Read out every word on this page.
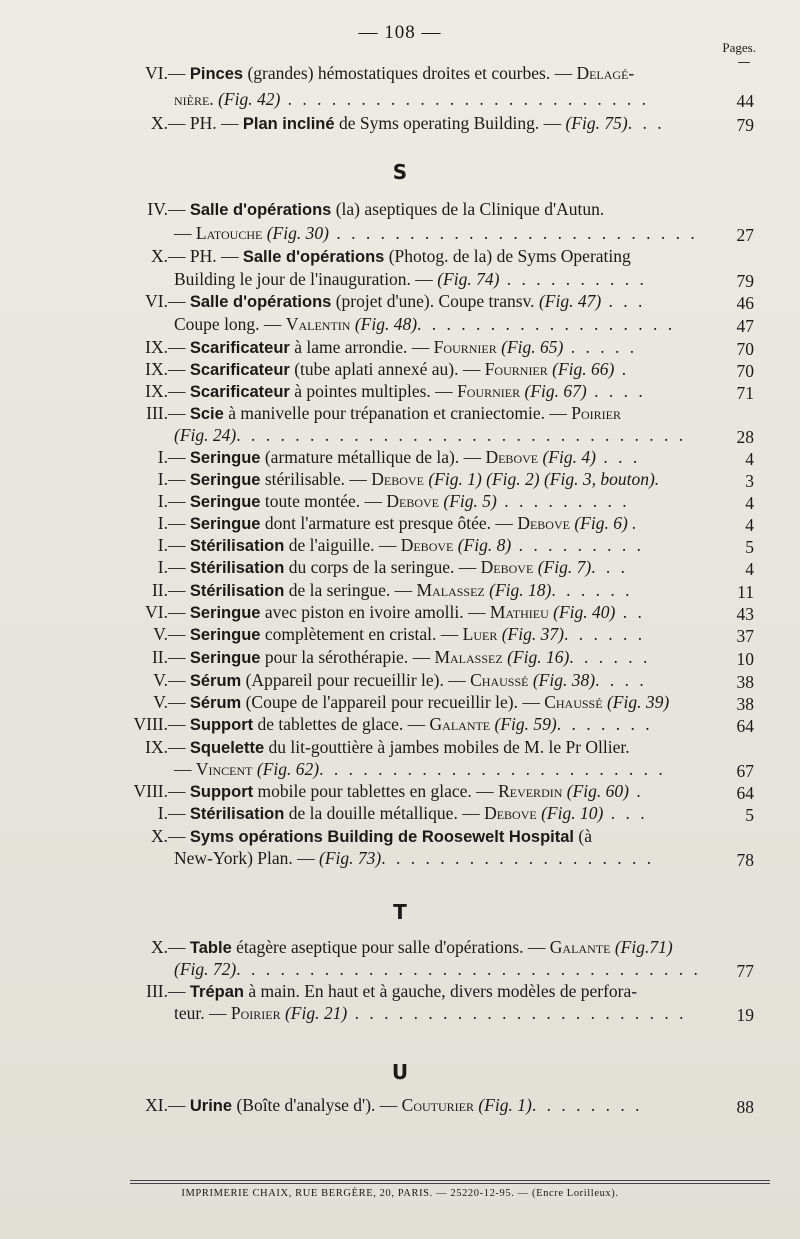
— 108 —
Pages.
S
T
U
VI.— Pinces (grandes) hémostatiques droites et courbes. — Delagé-
nière. (Fig. 42) . . . . . . . . . . . . . . . . . . . . . . . . .	44
X.— PH. — Plan incliné de Syms operating Building. — (Fig. 75). . .	79
IV.— Salle d'opérations (la) aseptiques de la Clinique d'Autun.
— Latouche (Fig. 30) . . . . . . . . . . . . . . . . . . . . . . . . . 27
X.— PH. — Salle d'opérations (Photog. de la) de Syms Operating
Building le jour de l'inauguration. — (Fig. 74) . . . . . . . . . .	79
VI.— Salle d'opérations (projet d'une). Coupe transv. (Fig. 47) . . .	46
Coupe long. — Valentin (Fig. 48). . . . . . . . . . . . . . . . . .	47
IX.— Scarificateur à lame arrondie. — Fournier (Fig. 65) . . . . .	70
IX.— Scarificateur (tube aplati annexé au). — Fournier (Fig. 66) .	70
IX.— Scarificateur à pointes multiples. — Fournier (Fig. 67) . . . .	71
III.— Scie à manivelle pour trépanation et craniectomie. — Poirier
(Fig. 24). . . . . . . . . . . . . . . . . . . . . . . . . . . . . . .	28
I.— Seringue (armature métallique de la). — Debove (Fig. 4) . . .	4
I.— Seringue stérilisable. — Debove (Fig. 1) (Fig. 2) (Fig. 3, bouton).	3
I.— Seringue toute montée. — Debove (Fig. 5) . . . . . . . . .	4
I.— Seringue dont l'armature est presque ôtée. — Debove (Fig. 6) .	4
I.— Stérilisation de l'aiguille. — Debove (Fig. 8) . . . . . . . . .	5
I.— Stérilisation du corps de la seringue. — Debove (Fig. 7). . .	4
II.— Stérilisation de la seringue. — Malassez (Fig. 18). . . . . .	11
VI.— Seringue avec piston en ivoire amolli. — Mathieu (Fig. 40) . .	43
V.— Seringue complètement en cristal. — Luer (Fig. 37). . . . . .	37
II.— Seringue pour la sérothérapie. — Malassez (Fig. 16). . . . . .	10
V.— Sérum (Appareil pour recueillir le). — Chaussé (Fig. 38). . . .	38
V.— Sérum (Coupe de l'appareil pour recueillir le). — Chaussé (Fig. 39)	38
VIII.— Support de tablettes de glace. — Galante (Fig. 59). . . . . . .	64
IX.— Squelette du lit-gouttière à jambes mobiles de M. le Pr Ollier.
— Vincent (Fig. 62). . . . . . . . . . . . . . . . . . . . . . . .	67
VIII.— Support mobile pour tablettes en glace. — Reverdin (Fig. 60) .	64
I.— Stérilisation de la douille métallique. — Debove (Fig. 10) . . .	5
X.— Syms opérations Building de Roosewelt Hospital (à
New-York) Plan. — (Fig. 73). . . . . . . . . . . . . . . . . . .	78
X.— Table étagère aseptique pour salle d'opérations. — Galante (Fig.71)
(Fig. 72). . . . . . . . . . . . . . . . . . . . . . . . . . . . . . . . 77
III.— Trépan à main. En haut et à gauche, divers modèles de perfora-
teur. — Poirier (Fig. 21) . . . . . . . . . . . . . . . . . . . . . . .	19
XI.— Urine (Boîte d'analyse d'). — Couturier (Fig. 1). . . . . . . .	88
IMPRIMERIE CHAIX, RUE BERGÈRE, 20, PARIS. — 25220-12-95. — (Encre Lorilleux).
